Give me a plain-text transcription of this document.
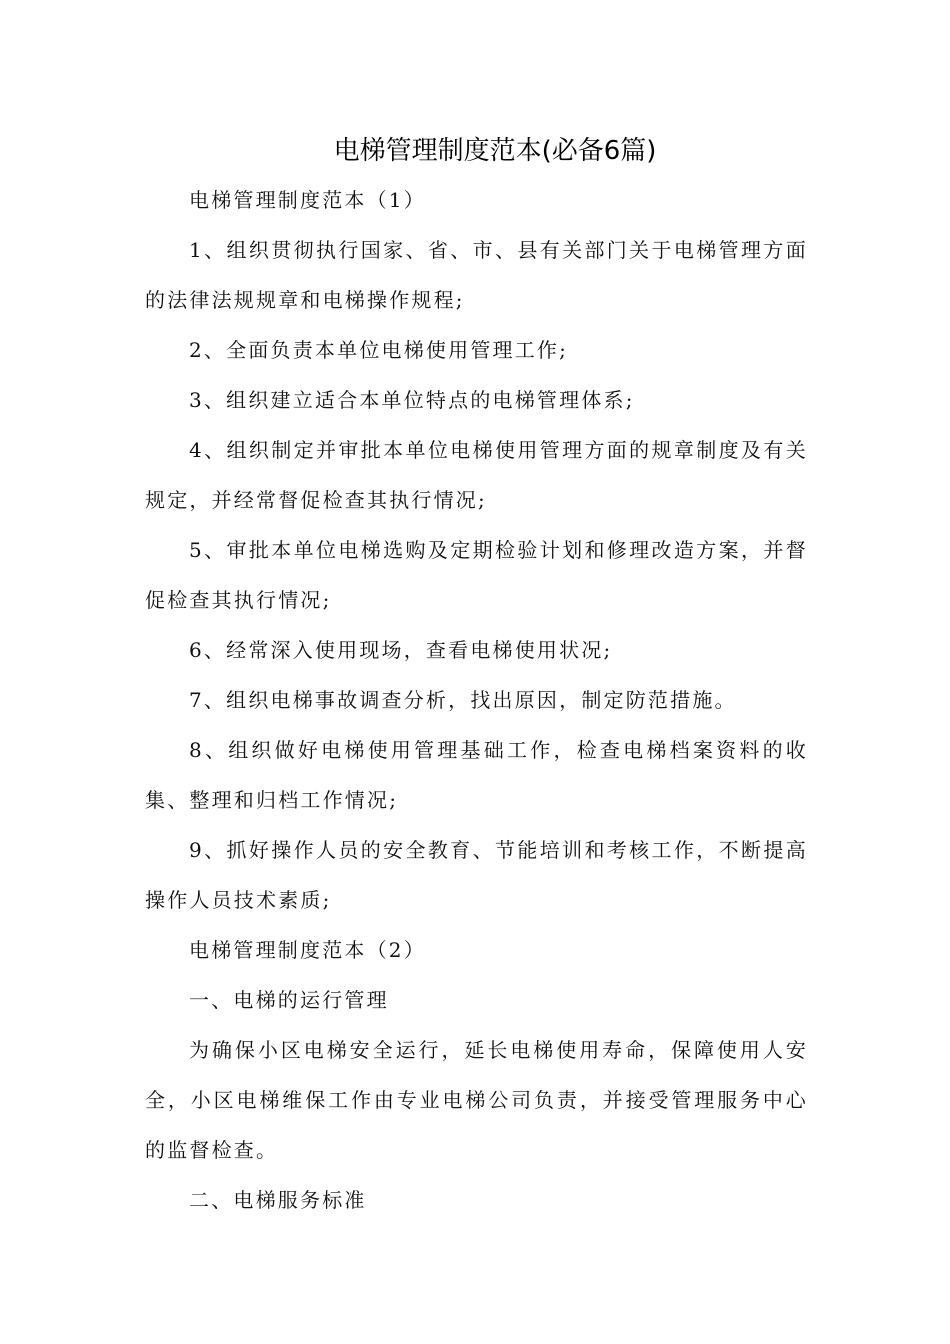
电梯管理制度范本(必备6篇)

电梯管理制度范本（1）

1、组织贯彻执行国家、省、市、县有关部门关于电梯管理方面的法律法规规章和电梯操作规程;

2、全面负责本单位电梯使用管理工作;

3、组织建立适合本单位特点的电梯管理体系;

4、组织制定并审批本单位电梯使用管理方面的规章制度及有关规定，并经常督促检查其执行情况;

5、审批本单位电梯选购及定期检验计划和修理改造方案，并督促检查其执行情况;

6、经常深入使用现场，查看电梯使用状况;

7、组织电梯事故调查分析，找出原因，制定防范措施。

8、组织做好电梯使用管理基础工作，检查电梯档案资料的收集、整理和归档工作情况;

9、抓好操作人员的安全教育、节能培训和考核工作，不断提高操作人员技术素质;

电梯管理制度范本（2）

一、电梯的运行管理

为确保小区电梯安全运行，延长电梯使用寿命，保障使用人安全，小区电梯维保工作由专业电梯公司负责，并接受管理服务中心的监督检查。

二、电梯服务标准
